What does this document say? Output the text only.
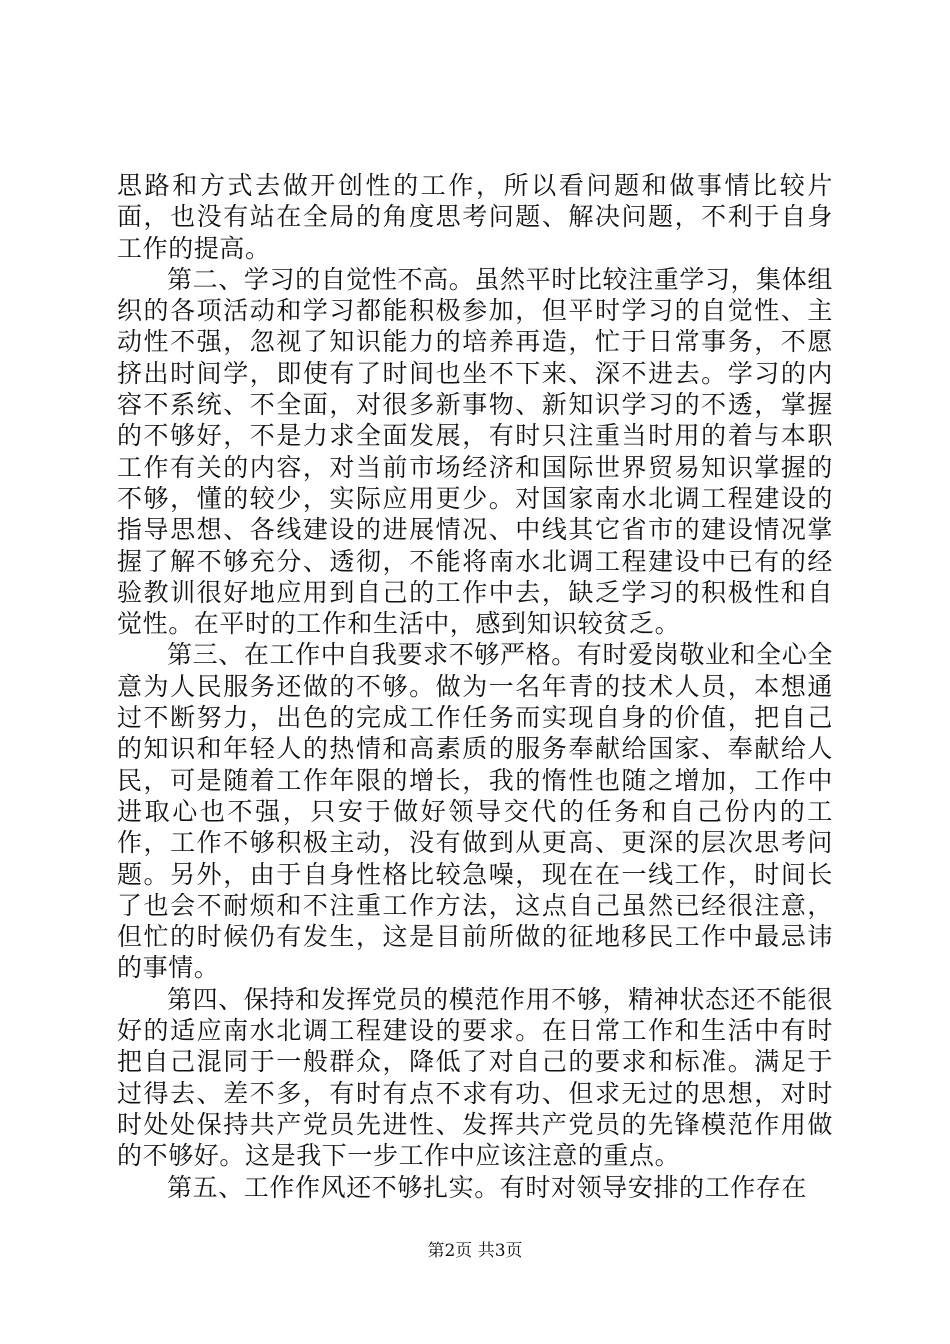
思路和方式去做开创性的工作，所以看问题和做事情比较片面，也没有站在全局的角度思考问题、解决问题，不利于自身工作的提高。

第二、学习的自觉性不高。虽然平时比较注重学习，集体组织的各项活动和学习都能积极参加，但平时学习的自觉性、主动性不强，忽视了知识能力的培养再造，忙于日常事务，不愿挤出时间学，即使有了时间也坐不下来、深不进去。学习的内容不系统、不全面，对很多新事物、新知识学习的不透，掌握的不够好，不是力求全面发展，有时只注重当时用的着与本职工作有关的内容，对当前市场经济和国际世界贸易知识掌握的不够，懂的较少，实际应用更少。对国家南水北调工程建设的指导思想、各线建设的进展情况、中线其它省市的建设情况掌握了解不够充分、透彻，不能将南水北调工程建设中已有的经验教训很好地应用到自己的工作中去，缺乏学习的积极性和自觉性。在平时的工作和生活中，感到知识较贫乏。

第三、在工作中自我要求不够严格。有时爱岗敬业和全心全意为人民服务还做的不够。做为一名年青的技术人员，本想通过不断努力，出色的完成工作任务而实现自身的价值，把自己的知识和年轻人的热情和高素质的服务奉献给国家、奉献给人民，可是随着工作年限的增长，我的惰性也随之增加，工作中进取心也不强，只安于做好领导交代的任务和自己份内的工作，工作不够积极主动，没有做到从更高、更深的层次思考问题。另外，由于自身性格比较急噪，现在在一线工作，时间长了也会不耐烦和不注重工作方法，这点自己虽然已经很注意，但忙的时候仍有发生，这是目前所做的征地移民工作中最忌讳的事情。

第四、保持和发挥党员的模范作用不够，精神状态还不能很好的适应南水北调工程建设的要求。在日常工作和生活中有时把自己混同于一般群众，降低了对自己的要求和标准。满足于过得去、差不多，有时有点不求有功、但求无过的思想，对时时处处保持共产党员先进性、发挥共产党员的先锋模范作用做的不够好。这是我下一步工作中应该注意的重点。

第五、工作作风还不够扎实。有时对领导安排的工作存在

第2页 共3页
